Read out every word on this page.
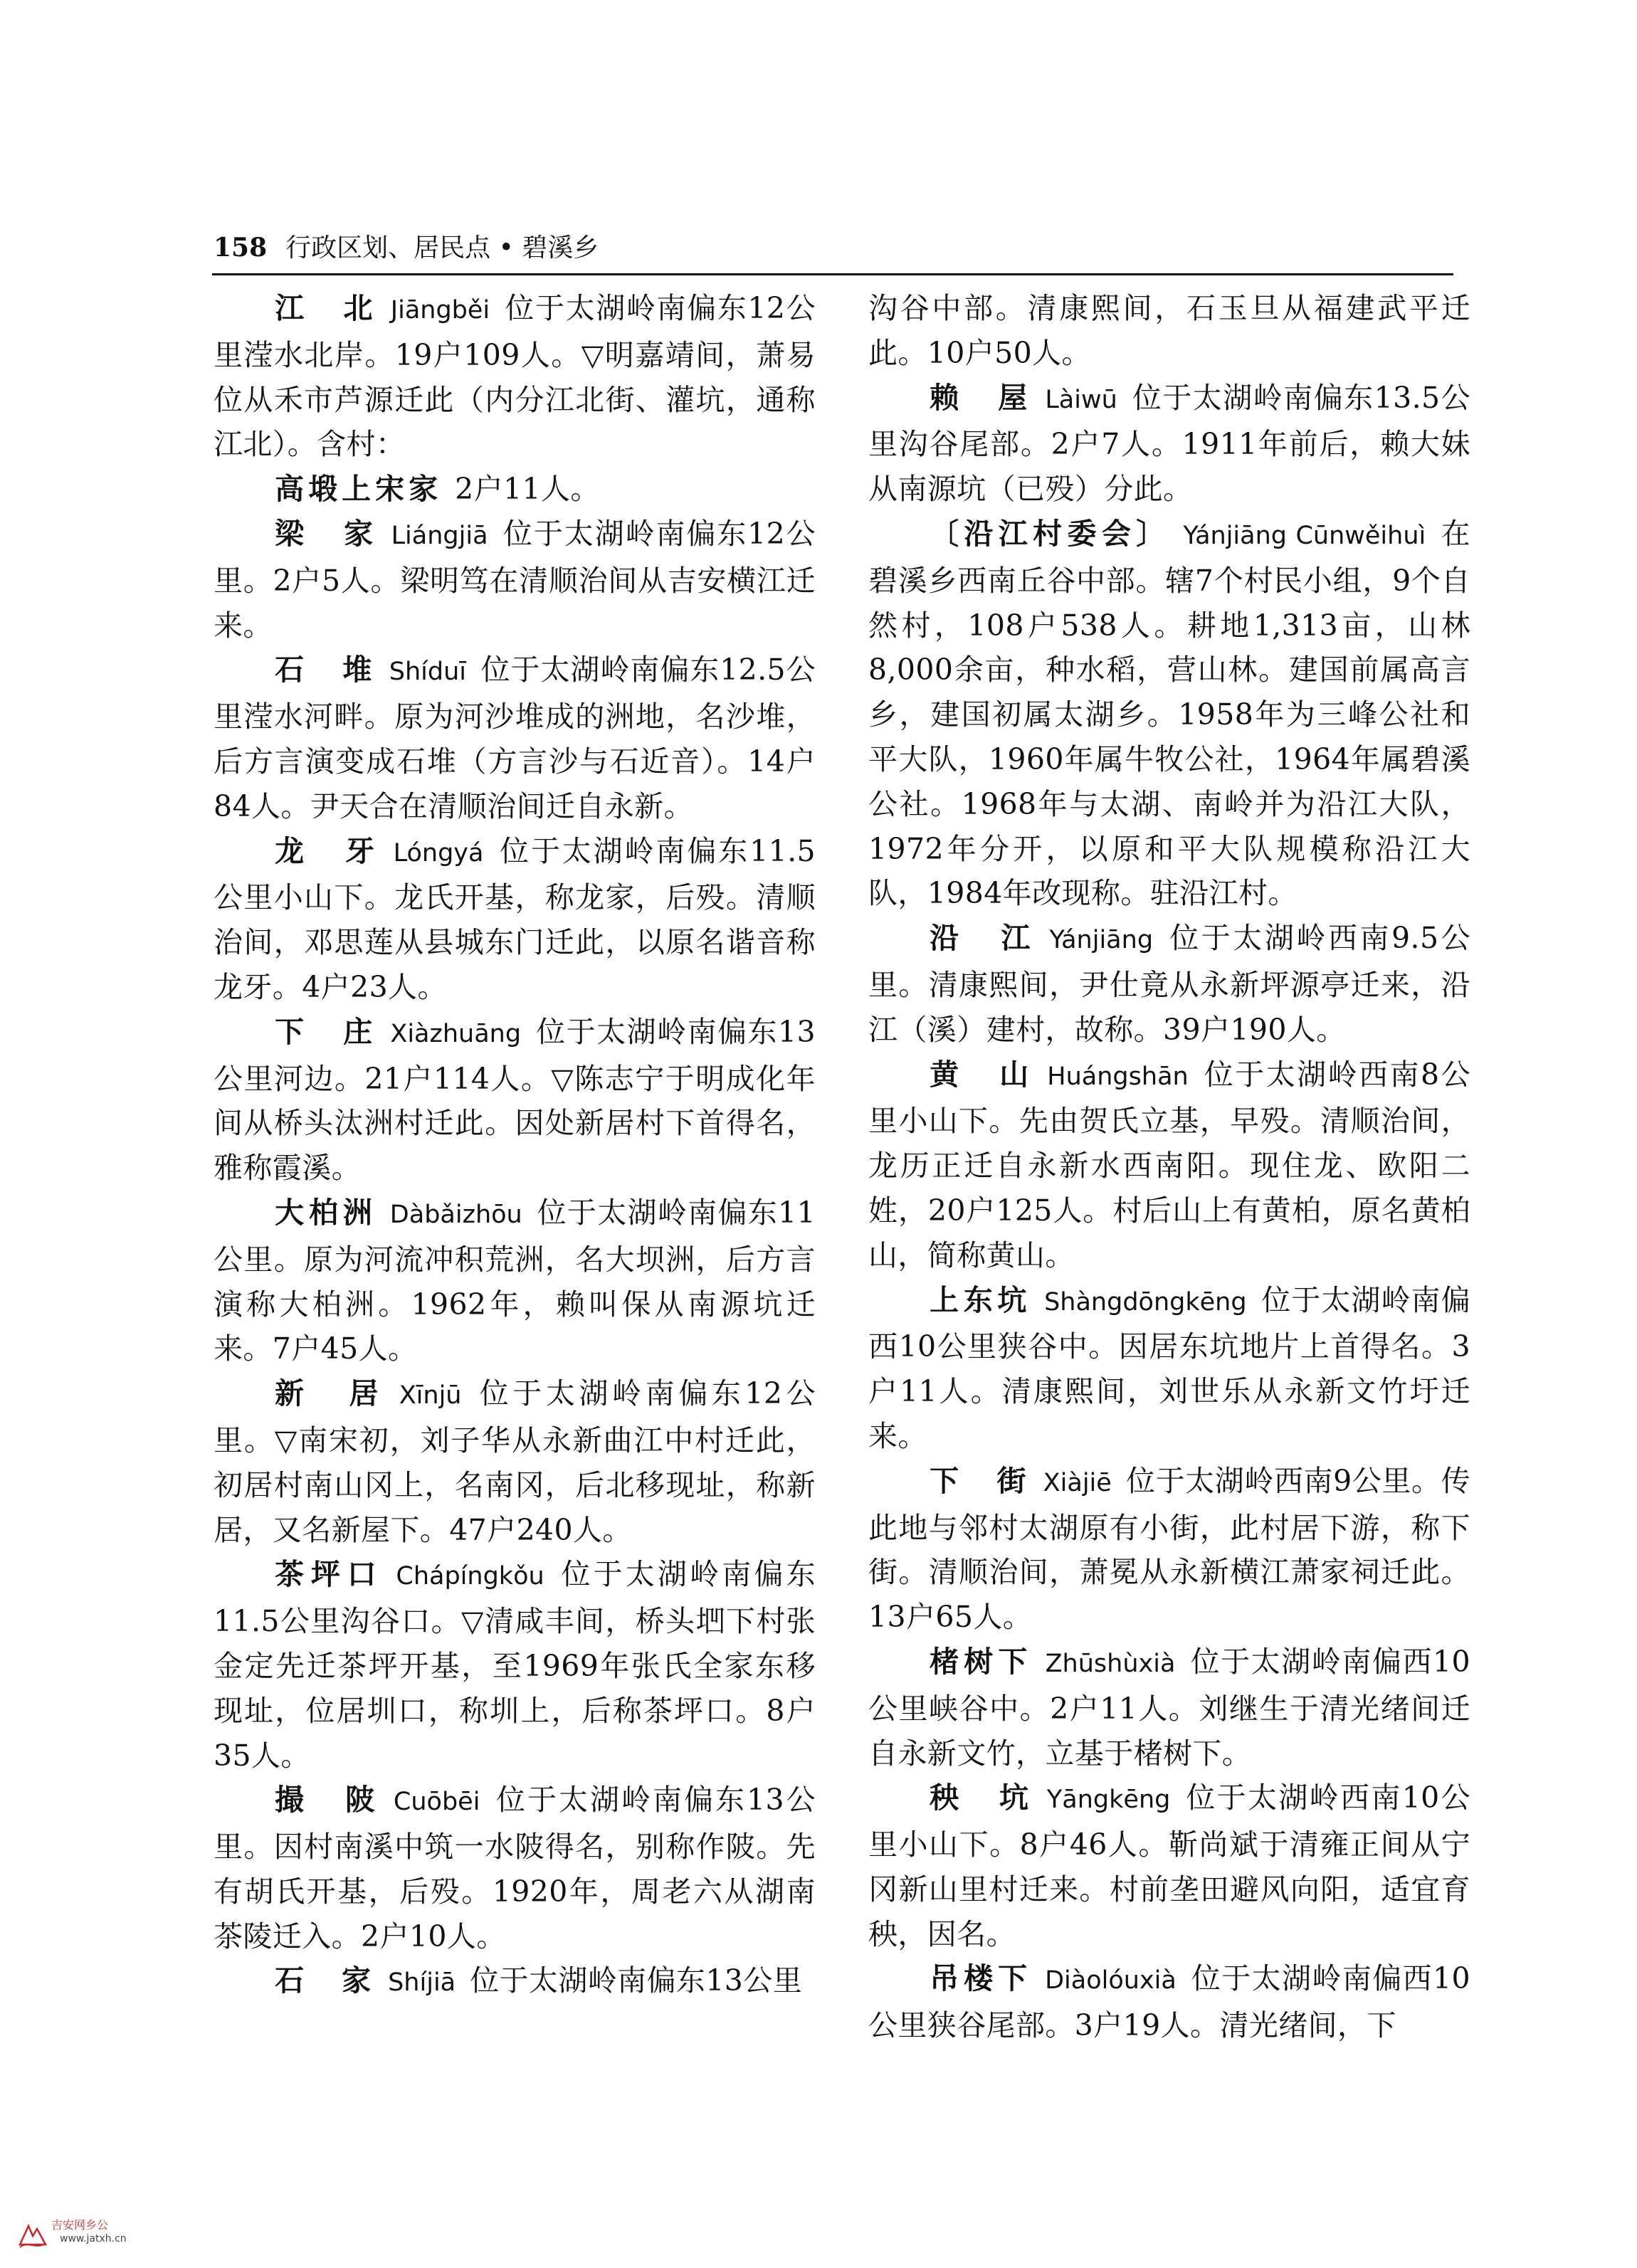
158 行政区划、居民点 • 碧溪乡

江　北 Jiāngběi 位于太湖岭南偏东12公里滢水北岸。19户109人。▽明嘉靖间，萧易位从禾市芦源迁此（内分江北街、灌坑，通称江北）。含村：

高塅上宋家 2户11人。

梁　家 Liángjiā 位于太湖岭南偏东12公里。2户5人。梁明笃在清顺治间从吉安横江迁来。

石　堆 Shíduī 位于太湖岭南偏东12.5公里滢水河畔。原为河沙堆成的洲地，名沙堆，后方言演变成石堆（方言沙与石近音）。14户84人。尹天合在清顺治间迁自永新。

龙　牙 Lóngyá 位于太湖岭南偏东11.5公里小山下。龙氏开基，称龙家，后殁。清顺治间，邓思莲从县城东门迁此，以原名谐音称龙牙。4户23人。

下　庄 Xiàzhuāng 位于太湖岭南偏东13公里河边。21户114人。▽陈志宁于明成化年间从桥头汰洲村迁此。因处新居村下首得名，雅称霞溪。

大柏洲 Dàbǎizhōu 位于太湖岭南偏东11公里。原为河流冲积荒洲，名大坝洲，后方言演称大柏洲。1962年，赖叫保从南源坑迁来。7户45人。

新　居 Xīnjū 位于太湖岭南偏东12公里。▽南宋初，刘子华从永新曲江中村迁此，初居村南山冈上，名南冈，后北移现址，称新居，又名新屋下。47户240人。

茶坪口 Chápíngkǒu 位于太湖岭南偏东11.5公里沟谷口。▽清咸丰间，桥头垇下村张金定先迁茶坪开基，至1969年张氏全家东移现址，位居圳口，称圳上，后称茶坪口。8户35人。

撮　陂 Cuōbēi 位于太湖岭南偏东13公里。因村南溪中筑一水陂得名，别称作陂。先有胡氏开基，后殁。1920年，周老六从湖南茶陵迁入。2户10人。

石　家 Shíjiā 位于太湖岭南偏东13公里

沟谷中部。清康熙间，石玉旦从福建武平迁此。10户50人。

赖　屋 Làiwū 位于太湖岭南偏东13.5公里沟谷尾部。2户7人。1911年前后，赖大妹从南源坑（已殁）分此。

〔沿江村委会〕 Yánjiāng Cūnwěihuì 在碧溪乡西南丘谷中部。辖7个村民小组，9个自然村，108户538人。耕地1,313亩，山林8,000余亩，种水稻，营山林。建国前属高言乡，建国初属太湖乡。1958年为三峰公社和平大队，1960年属牛牧公社，1964年属碧溪公社。1968年与太湖、南岭并为沿江大队，1972年分开，以原和平大队规模称沿江大队，1984年改现称。驻沿江村。

沿　江 Yánjiāng 位于太湖岭西南9.5公里。清康熙间，尹仕竟从永新坪源亭迁来，沿江（溪）建村，故称。39户190人。

黄　山 Huángshān 位于太湖岭西南8公里小山下。先由贺氏立基，早殁。清顺治间，龙历正迁自永新水西南阳。现住龙、欧阳二姓，20户125人。村后山上有黄柏，原名黄柏山，简称黄山。

上东坑 Shàngdōngkēng 位于太湖岭南偏西10公里狭谷中。因居东坑地片上首得名。3户11人。清康熙间，刘世乐从永新文竹圩迁来。

下　街 Xiàjiē 位于太湖岭西南9公里。传此地与邻村太湖原有小街，此村居下游，称下街。清顺治间，萧冕从永新横江萧家祠迁此。13户65人。

楮树下 Zhūshùxià 位于太湖岭南偏西10公里峡谷中。2户11人。刘继生于清光绪间迁自永新文竹，立基于楮树下。

秧　坑 Yāngkēng 位于太湖岭西南10公里小山下。8户46人。靳尚斌于清雍正间从宁冈新山里村迁来。村前垄田避风向阳，适宜育秧，因名。

吊楼下 Diàolóuxià 位于太湖岭南偏西10公里狭谷尾部。3户19人。清光绪间，下

吉安网乡公
www.jatxh.cn
